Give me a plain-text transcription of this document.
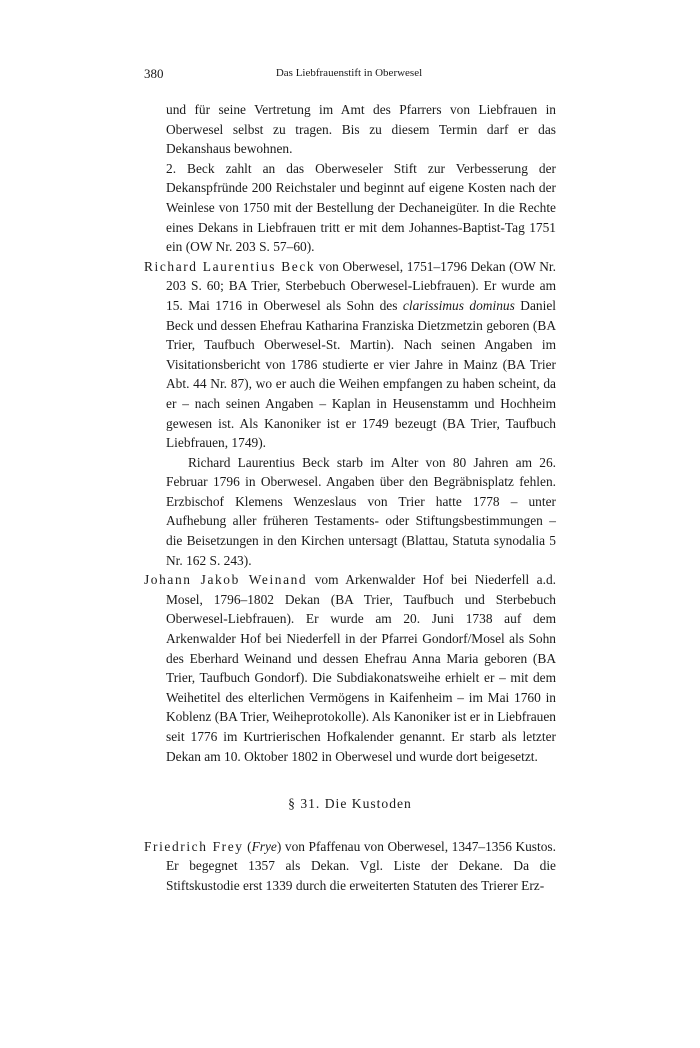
380	Das Liebfrauenstift in Oberwesel

und für seine Vertretung im Amt des Pfarrers von Liebfrauen in Oberwesel selbst zu tragen. Bis zu diesem Termin darf er das Dekanshaus bewohnen.

2. Beck zahlt an das Oberweseler Stift zur Verbesserung der Dekanspfründe 200 Reichstaler und beginnt auf eigene Kosten nach der Weinlese von 1750 mit der Bestellung der Dechaneigüter. In die Rechte eines Dekans in Liebfrauen tritt er mit dem Johannes-Baptist-Tag 1751 ein (OW Nr. 203 S. 57–60).

Richard Laurentius Beck von Oberwesel, 1751–1796 Dekan (OW Nr. 203 S. 60; BA Trier, Sterbebuch Oberwesel-Liebfrauen). Er wurde am 15. Mai 1716 in Oberwesel als Sohn des clarissimus dominus Daniel Beck und dessen Ehefrau Katharina Franziska Dietzmetzin geboren (BA Trier, Taufbuch Oberwesel-St. Martin). Nach seinen Angaben im Visitationsbericht von 1786 studierte er vier Jahre in Mainz (BA Trier Abt. 44 Nr. 87), wo er auch die Weihen empfangen zu haben scheint, da er – nach seinen Angaben – Kaplan in Heusenstamm und Hochheim gewesen ist. Als Kanoniker ist er 1749 bezeugt (BA Trier, Taufbuch Liebfrauen, 1749).

Richard Laurentius Beck starb im Alter von 80 Jahren am 26. Februar 1796 in Oberwesel. Angaben über den Begräbnisplatz fehlen. Erzbischof Klemens Wenzeslaus von Trier hatte 1778 – unter Aufhebung aller früheren Testaments- oder Stiftungsbestimmungen – die Beisetzungen in den Kirchen untersagt (Blattau, Statuta synodalia 5 Nr. 162 S. 243).

Johann Jakob Weinand vom Arkenwalder Hof bei Niederfell a.d. Mosel, 1796–1802 Dekan (BA Trier, Taufbuch und Sterbebuch Oberwesel-Liebfrauen). Er wurde am 20. Juni 1738 auf dem Arkenwalder Hof bei Niederfell in der Pfarrei Gondorf/Mosel als Sohn des Eberhard Weinand und dessen Ehefrau Anna Maria geboren (BA Trier, Taufbuch Gondorf). Die Subdiakonatsweihe erhielt er – mit dem Weihetitel des elterlichen Vermögens in Kaifenheim – im Mai 1760 in Koblenz (BA Trier, Weiheprotokolle). Als Kanoniker ist er in Liebfrauen seit 1776 im Kurtrierischen Hofkalender genannt. Er starb als letzter Dekan am 10. Oktober 1802 in Oberwesel und wurde dort beigesetzt.

§ 31. Die Kustoden

Friedrich Frey (Frye) von Pfaffenau von Oberwesel, 1347–1356 Kustos. Er begegnet 1357 als Dekan. Vgl. Liste der Dekane. Da die Stiftskustodie erst 1339 durch die erweiterten Statuten des Trierer Erz-
